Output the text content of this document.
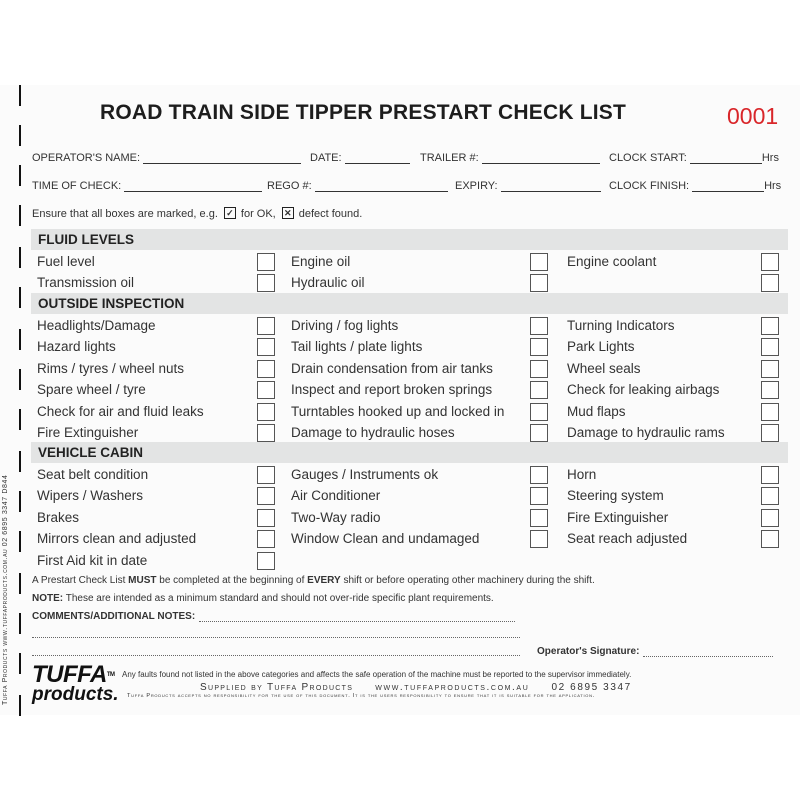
Tuffa Products www.tuffaproducts.com.au 02 6895 3347 D844
ROAD TRAIN SIDE TIPPER PRESTART CHECK LIST	0001
OPERATOR'S NAME:	DATE:	TRAILER #:	CLOCK START:	Hrs
TIME OF CHECK:	REGO #:	EXPIRY:	CLOCK FINISH:	Hrs
Ensure that all boxes are marked, e.g. ✓ for OK, ✕ defect found.
FLUID LEVELS
Fuel level	Engine oil	Engine coolant
Transmission oil	Hydraulic oil
OUTSIDE INSPECTION
Headlights/Damage	Driving / fog lights	Turning Indicators
Hazard lights	Tail lights / plate lights	Park Lights
Rims / tyres / wheel nuts	Drain condensation from air tanks	Wheel seals
Spare wheel / tyre	Inspect and report broken springs	Check for leaking airbags
Check for air and fluid leaks	Turntables hooked up and locked in	Mud flaps
Fire Extinguisher	Damage to hydraulic hoses	Damage to hydraulic rams
VEHICLE CABIN
Seat belt condition	Gauges / Instruments ok	Horn
Wipers / Washers	Air Conditioner	Steering system
Brakes	Two-Way radio	Fire Extinguisher
Mirrors clean and adjusted	Window Clean and undamaged	Seat reach adjusted
First Aid kit in date
A Prestart Check List MUST be completed at the beginning of EVERY shift or before operating other machinery during the shift.
NOTE: These are intended as a minimum standard and should not over-ride specific plant requirements.
COMMENTS/ADDITIONAL NOTES:
Operator's Signature:
TUFFA™
products.
Any faults found not listed in the above categories and affects the safe operation of the machine must be reported to the supervisor immediately.
Supplied by Tuffa Products www.tuffaproducts.com.au 02 6895 3347
Tuffa Products accepts no responsibility for the use of this document. It is the users responsibility to ensure that it is suitable for the application.
